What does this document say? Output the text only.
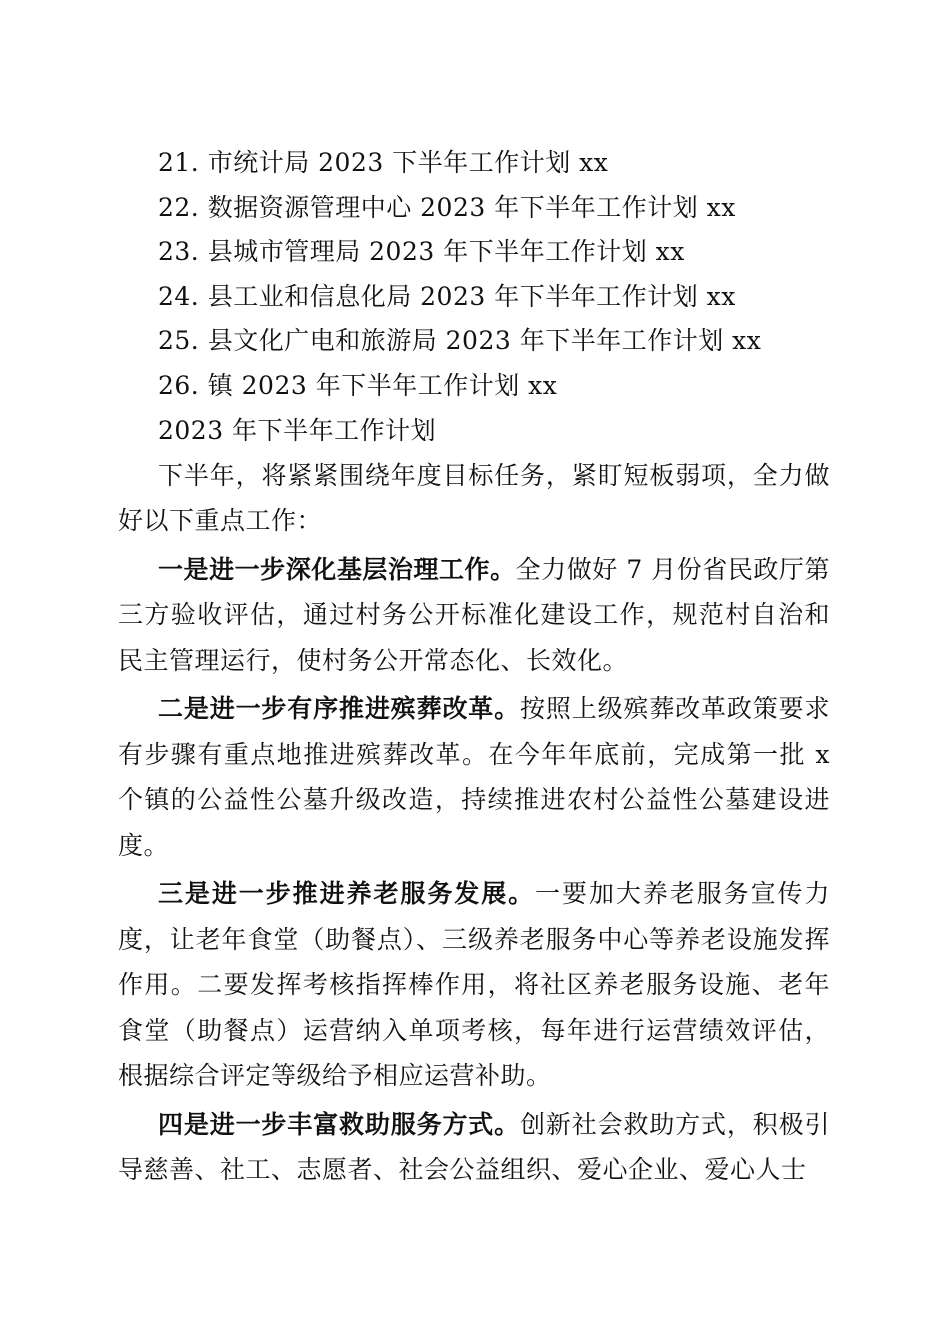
21. 市统计局 2023 下半年工作计划 xx
22. 数据资源管理中心 2023 年下半年工作计划 xx
23. 县城市管理局 2023 年下半年工作计划 xx
24. 县工业和信息化局 2023 年下半年工作计划 xx
25. 县文化广电和旅游局 2023 年下半年工作计划 xx
26. 镇 2023 年下半年工作计划 xx
2023 年下半年工作计划

下半年，将紧紧围绕年度目标任务，紧盯短板弱项，全力做好以下重点工作：

一是进一步深化基层治理工作。全力做好 7 月份省民政厅第三方验收评估，通过村务公开标准化建设工作，规范村自治和民主管理运行，使村务公开常态化、长效化。

二是进一步有序推进殡葬改革。按照上级殡葬改革政策要求有步骤有重点地推进殡葬改革。在今年年底前，完成第一批 x 个镇的公益性公墓升级改造，持续推进农村公益性公墓建设进度。

三是进一步推进养老服务发展。一要加大养老服务宣传力度，让老年食堂（助餐点）、三级养老服务中心等养老设施发挥作用。二要发挥考核指挥棒作用，将社区养老服务设施、老年食堂（助餐点）运营纳入单项考核，每年进行运营绩效评估，根据综合评定等级给予相应运营补助。

四是进一步丰富救助服务方式。创新社会救助方式，积极引导慈善、社工、志愿者、社会公益组织、爱心企业、爱心人士
